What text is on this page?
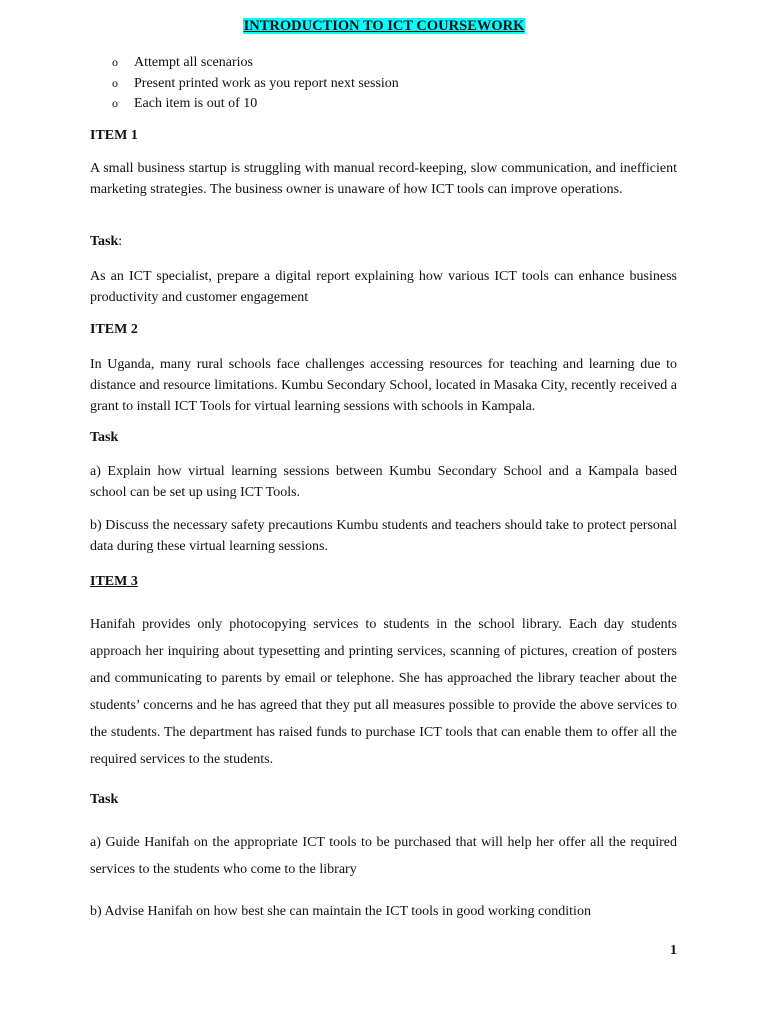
INTRODUCTION TO ICT COURSEWORK
o Attempt all scenarios
o Present printed work as you report next session
o Each item is out of 10
ITEM 1
A small business startup is struggling with manual record-keeping, slow communication, and inefficient marketing strategies. The business owner is unaware of how ICT tools can improve operations.
Task:
As an ICT specialist, prepare a digital report explaining how various ICT tools can enhance business productivity and customer engagement
ITEM 2
In Uganda, many rural schools face challenges accessing resources for teaching and learning due to distance and resource limitations. Kumbu Secondary School, located in Masaka City, recently received a grant to install ICT Tools for virtual learning sessions with schools in Kampala.
Task
a) Explain how virtual learning sessions between Kumbu Secondary School and a Kampala based school can be set up using ICT Tools.
b) Discuss the necessary safety precautions Kumbu students and teachers should take to protect personal data during these virtual learning sessions.
ITEM 3
Hanifah provides only photocopying services to students in the school library. Each day students approach her inquiring about typesetting and printing services, scanning of pictures, creation of posters and communicating to parents by email or telephone. She has approached the library teacher about the students’ concerns and he has agreed that they put all measures possible to provide the above services to the students. The department has raised funds to purchase ICT tools that can enable them to offer all the required services to the students.
Task
a) Guide Hanifah on the appropriate ICT tools to be purchased that will help her offer all the required services to the students who come to the library
b) Advise Hanifah on how best she can maintain the ICT tools in good working condition
1
